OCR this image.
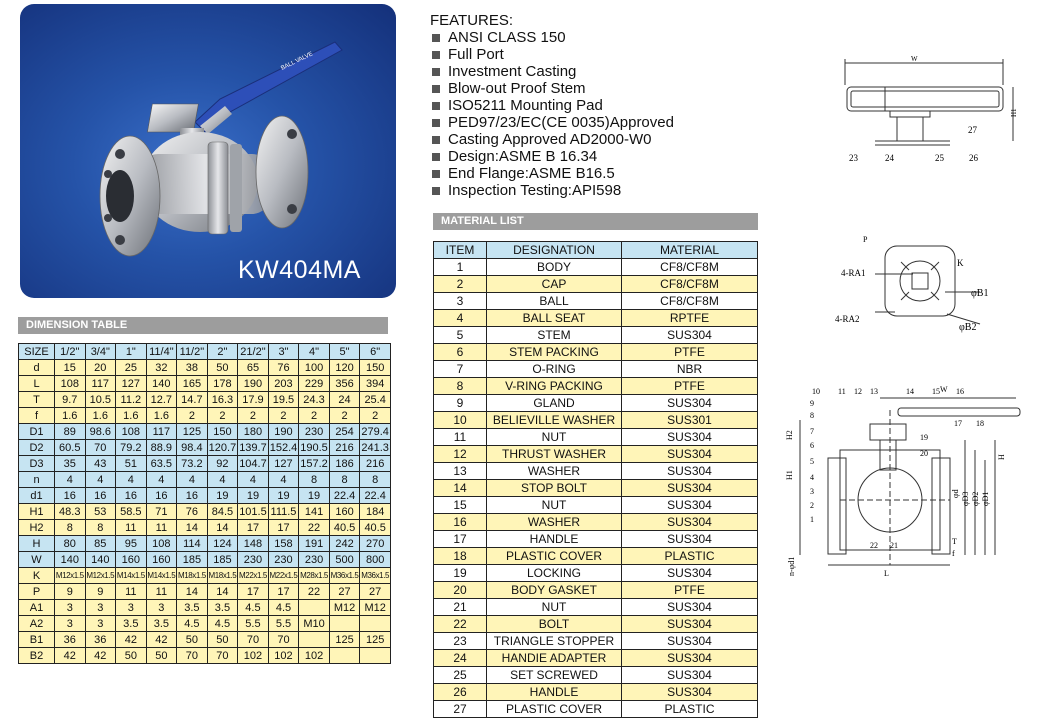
BALL VALVE
KW404MA
FEATURES:
ANSI CLASS 150
Full Port
Investment Casting
Blow-out Proof Stem
ISO5211 Mounting Pad
PED97/23/EC(CE 0035)Approved
Casting Approved AD2000-W0
Design:ASME B 16.34
End Flange:ASME B16.5
Inspection Testing:API598
DIMENSION TABLE
SIZE	1/2"	3/4"	1"	11/4"	11/2"	2"	21/2"	3"	4"	5"	6"
d	15	20	25	32	38	50	65	76	100	120	150
L	108	117	127	140	165	178	190	203	229	356	394
T	9.7	10.5	11.2	12.7	14.7	16.3	17.9	19.5	24.3	24	25.4
f	1.6	1.6	1.6	1.6	2	2	2	2	2	2	2
D1	89	98.6	108	117	125	150	180	190	230	254	279.4
D2	60.5	70	79.2	88.9	98.4	120.7	139.7	152.4	190.5	216	241.3
D3	35	43	51	63.5	73.2	92	104.7	127	157.2	186	216
n	4	4	4	4	4	4	4	4	8	8	8
d1	16	16	16	16	16	19	19	19	19	22.4	22.4
H1	48.3	53	58.5	71	76	84.5	101.5	111.5	141	160	184
H2	8	8	11	11	14	14	17	17	22	40.5	40.5
H	80	85	95	108	114	124	148	158	191	242	270
W	140	140	160	160	185	185	230	230	230	500	800
K	M12x1.5	M12x1.5	M14x1.5	M14x1.5	M18x1.5	M18x1.5	M22x1.5	M22x1.5	M28x1.5	M36x1.5	M36x1.5
P	9	9	11	11	14	14	17	17	22	27	27
A1	3	3	3	3	3.5	3.5	4.5	4.5		M12	M12
A2	3	3	3.5	3.5	4.5	4.5	5.5	5.5	M10		
B1	36	36	42	42	50	50	70	70		125	125
B2	42	42	50	50	70	70	102	102	102		
MATERIAL LIST
ITEM	DESIGNATION	MATERIAL
1	BODY	CF8/CF8M
2	CAP	CF8/CF8M
3	BALL	CF8/CF8M
4	BALL SEAT	RPTFE
5	STEM	SUS304
6	STEM PACKING	PTFE
7	O-RING	NBR
8	V-RING PACKING	PTFE
9	GLAND	SUS304
10	BELIEVILLE WASHER	SUS301
11	NUT	SUS304
12	THRUST WASHER	SUS304
13	WASHER	SUS304
14	STOP BOLT	SUS304
15	NUT	SUS304
16	WASHER	SUS304
17	HANDLE	SUS304
18	PLASTIC COVER	PLASTIC
19	LOCKING	SUS304
20	BODY GASKET	PTFE
21	NUT	SUS304
22	BOLT	SUS304
23	TRIANGLE STOPPER	SUS304
24	HANDIE ADAPTER	SUS304
25	SET SCREWED	SUS304
26	HANDLE	SUS304
27	PLASTIC COVER	PLASTIC
W
H1
27
23	24	25	26
P
K
4-RA1
4-RA2
φB1
φB2
W
H2
H1
H
φd φD3 φD2 φD1
n-φd1	L
T
f
10 11 12 13	14 15 16
17 18
19
20
9
8
7
6
5
4
3
2
1
22 21
